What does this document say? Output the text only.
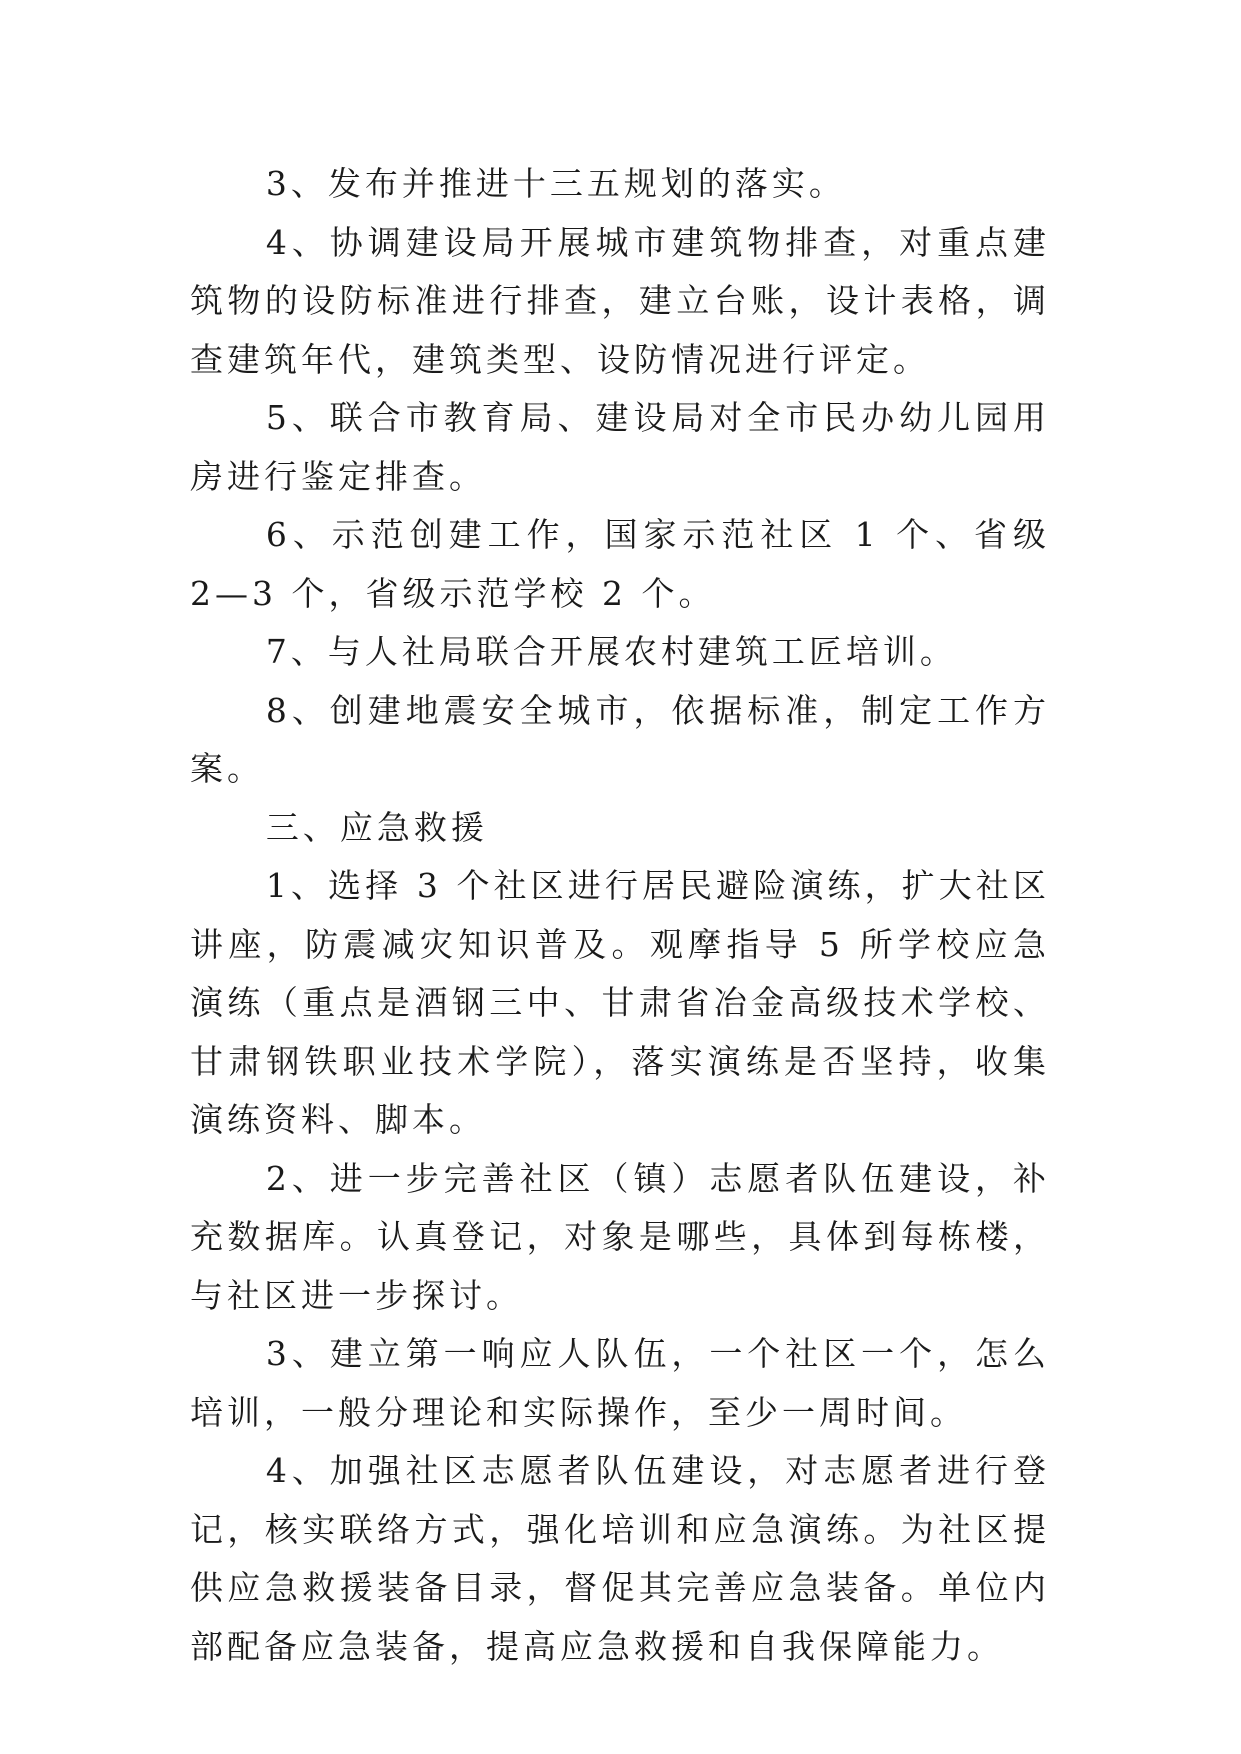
3、发布并推进十三五规划的落实。

4、协调建设局开展城市建筑物排查，对重点建筑物的设防标准进行排查，建立台账，设计表格，调查建筑年代，建筑类型、设防情况进行评定。

5、联合市教育局、建设局对全市民办幼儿园用房进行鉴定排查。

6、示范创建工作，国家示范社区 1 个、省级 2—3 个，省级示范学校 2 个。

7、与人社局联合开展农村建筑工匠培训。

8、创建地震安全城市，依据标准，制定工作方案。

三、应急救援

1、选择 3 个社区进行居民避险演练，扩大社区讲座，防震减灾知识普及。观摩指导 5 所学校应急演练（重点是酒钢三中、甘肃省冶金高级技术学校、甘肃钢铁职业技术学院），落实演练是否坚持，收集演练资料、脚本。

2、进一步完善社区（镇）志愿者队伍建设，补充数据库。认真登记，对象是哪些，具体到每栋楼，与社区进一步探讨。

3、建立第一响应人队伍，一个社区一个，怎么培训，一般分理论和实际操作，至少一周时间。

4、加强社区志愿者队伍建设，对志愿者进行登记，核实联络方式，强化培训和应急演练。为社区提供应急救援装备目录，督促其完善应急装备。单位内部配备应急装备，提高应急救援和自我保障能力。
